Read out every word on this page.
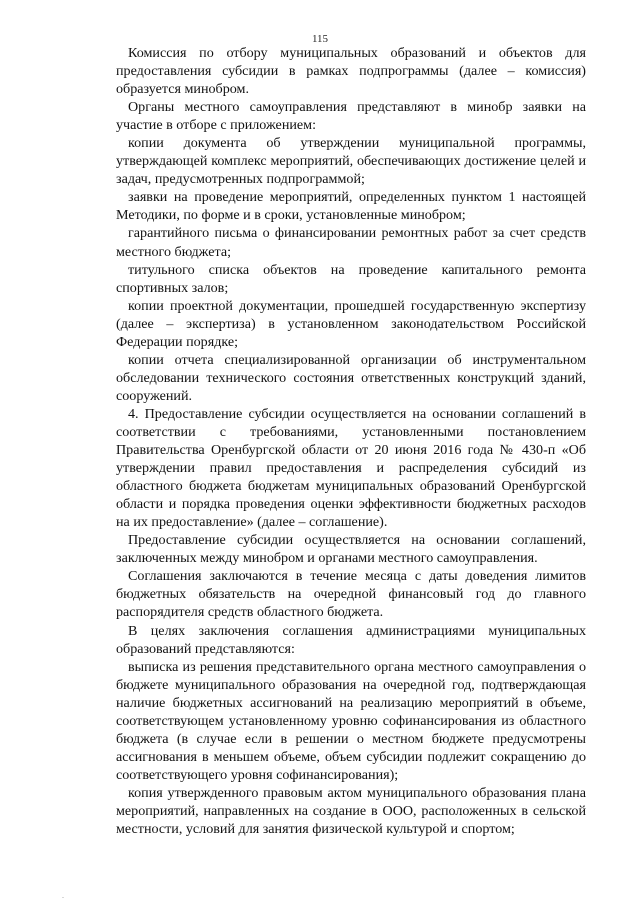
115

Комиссия по отбору муниципальных образований и объектов для предоставления субсидии в рамках подпрограммы (далее – комиссия) образуется минобром.

Органы местного самоуправления представляют в минобр заявки на участие в отборе с приложением:

копии документа об утверждении муниципальной программы, утверждающей комплекс мероприятий, обеспечивающих достижение целей и задач, предусмотренных подпрограммой;

заявки на проведение мероприятий, определенных пунктом 1 настоящей Методики, по форме и в сроки, установленные минобром;

гарантийного письма о финансировании ремонтных работ за счет средств местного бюджета;

титульного списка объектов на проведение капитального ремонта спортивных залов;

копии проектной документации, прошедшей государственную экспертизу (далее – экспертиза) в установленном законодательством Российской Федерации порядке;

копии отчета специализированной организации об инструментальном обследовании технического состояния ответственных конструкций зданий, сооружений.

4. Предоставление субсидии осуществляется на основании соглашений в соответствии с требованиями, установленными постановлением Правительства Оренбургской области от 20 июня 2016 года № 430-п «Об утверждении правил предоставления и распределения субсидий из областного бюджета бюджетам муниципальных образований Оренбургской области и порядка проведения оценки эффективности бюджетных расходов на их предоставление» (далее – соглашение).

Предоставление субсидии осуществляется на основании соглашений, заключенных между минобром и органами местного самоуправления.

Соглашения заключаются в течение месяца с даты доведения лимитов бюджетных обязательств на очередной финансовый год до главного распорядителя средств областного бюджета.

В целях заключения соглашения администрациями муниципальных образований представляются:

выписка из решения представительного органа местного самоуправления о бюджете муниципального образования на очередной год, подтверждающая наличие бюджетных ассигнований на реализацию мероприятий в объеме, соответствующем установленному уровню софинансирования из областного бюджета (в случае если в решении о местном бюджете предусмотрены ассигнования в меньшем объеме, объем субсидии подлежит сокращению до соответствующего уровня софинансирования);

копия утвержденного правовым актом муниципального образования плана мероприятий, направленных на создание в ООО, расположенных в сельской местности, условий для занятия физической культурой и спортом;

.
